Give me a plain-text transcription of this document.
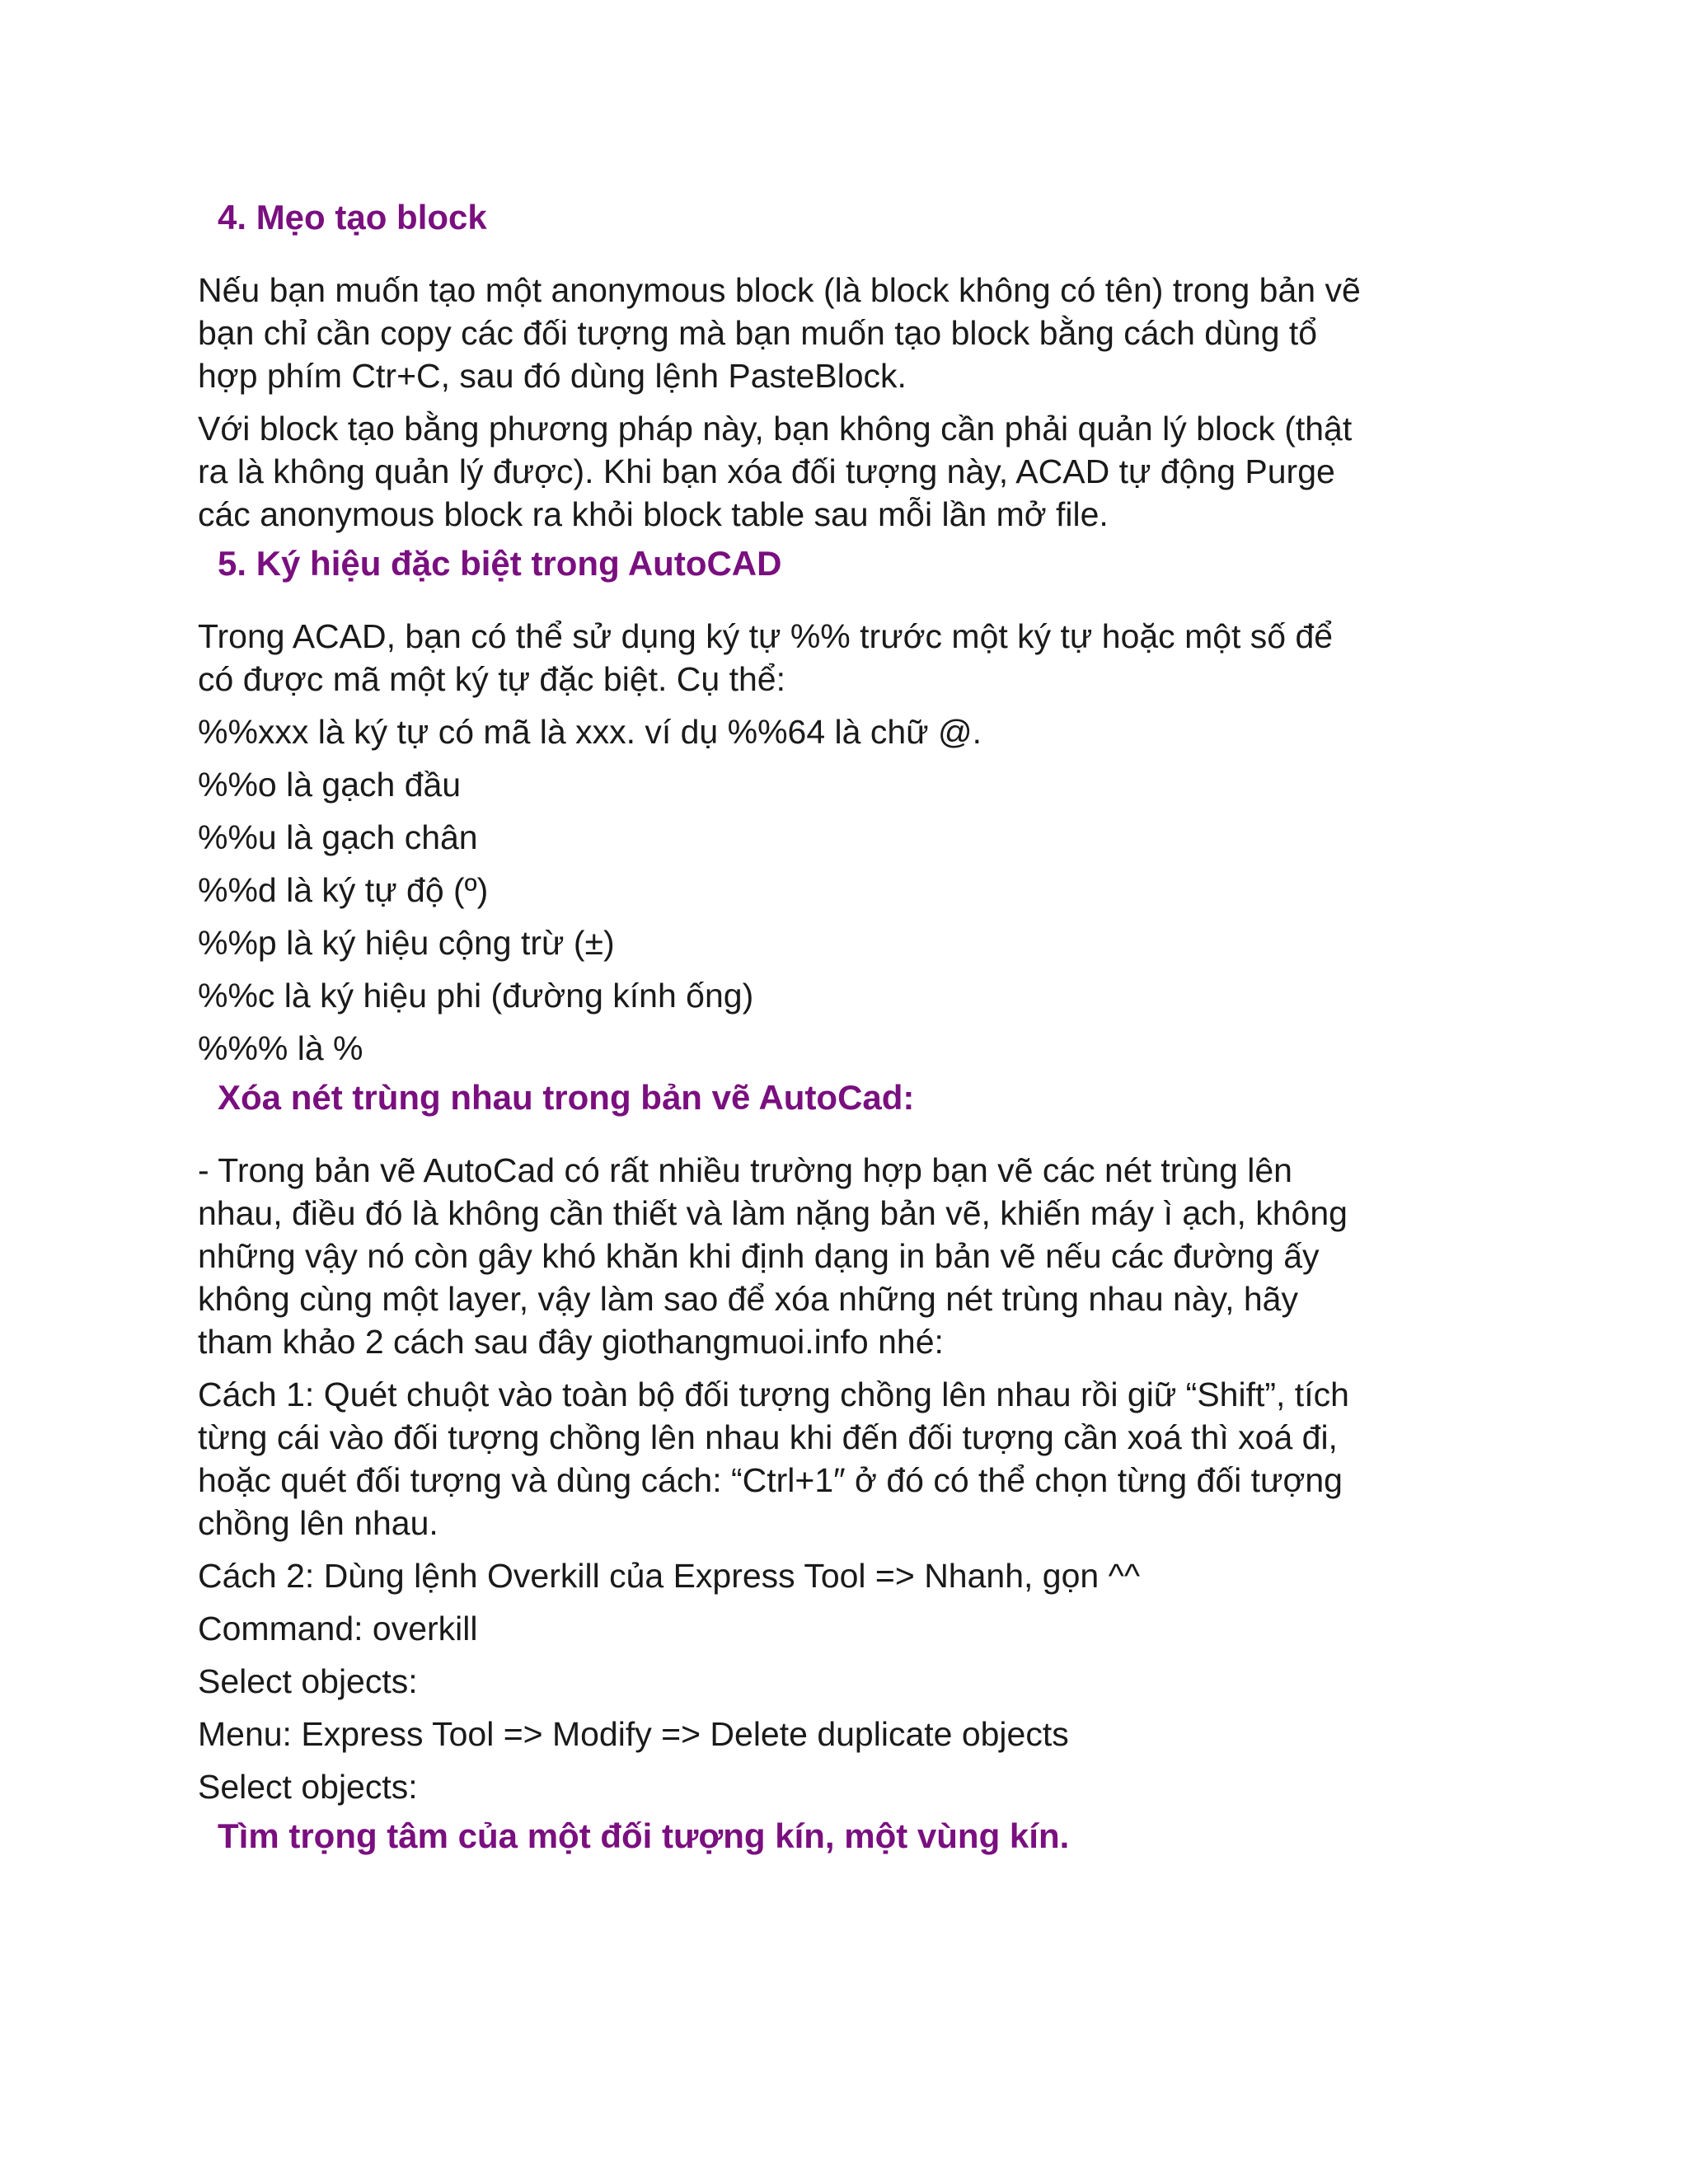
4. Mẹo tạo block
Nếu bạn muốn tạo một anonymous block (là block không có tên) trong bản vẽ
bạn chỉ cần copy các đối tượng mà bạn muốn tạo block bằng cách dùng tổ
hợp phím Ctr+C, sau đó dùng lệnh PasteBlock.
Với block tạo bằng phương pháp này, bạn không cần phải quản lý block (thật
ra là không quản lý được). Khi bạn xóa đối tượng này, ACAD tự động Purge
các anonymous block ra khỏi block table sau mỗi lần mở file.
5. Ký hiệu đặc biệt trong AutoCAD
Trong ACAD, bạn có thể sử dụng ký tự %% trước một ký tự hoặc một số để
có được mã một ký tự đặc biệt. Cụ thể:
%%xxx là ký tự có mã là xxx. ví dụ %%64 là chữ @.
%%o là gạch đầu
%%u là gạch chân
%%d là ký tự độ (º)
%%p là ký hiệu cộng trừ (±)
%%c là ký hiệu phi (đường kính ống)
%%% là %
Xóa nét trùng nhau trong bản vẽ AutoCad:
- Trong bản vẽ AutoCad có rất nhiều trường hợp bạn vẽ các nét trùng lên
nhau, điều đó là không cần thiết và làm nặng bản vẽ, khiến máy ì ạch, không
những vậy nó còn gây khó khăn khi định dạng in bản vẽ nếu các đường ấy
không cùng một layer, vậy làm sao để xóa những nét trùng nhau này, hãy
tham khảo 2 cách sau đây giothangmuoi.info nhé:
Cách 1: Quét chuột vào toàn bộ đối tượng chồng lên nhau rồi giữ “Shift”, tích
từng cái vào đối tượng chồng lên nhau khi đến đối tượng cần xoá thì xoá đi,
hoặc quét đối tượng và dùng cách: “Ctrl+1″ ở đó có thể chọn từng đối tượng
chồng lên nhau.
Cách 2: Dùng lệnh Overkill của Express Tool => Nhanh, gọn ^^
Command: overkill
Select objects:
Menu: Express Tool => Modify => Delete duplicate objects
Select objects:
Tìm trọng tâm của một đối tượng kín, một vùng kín.
